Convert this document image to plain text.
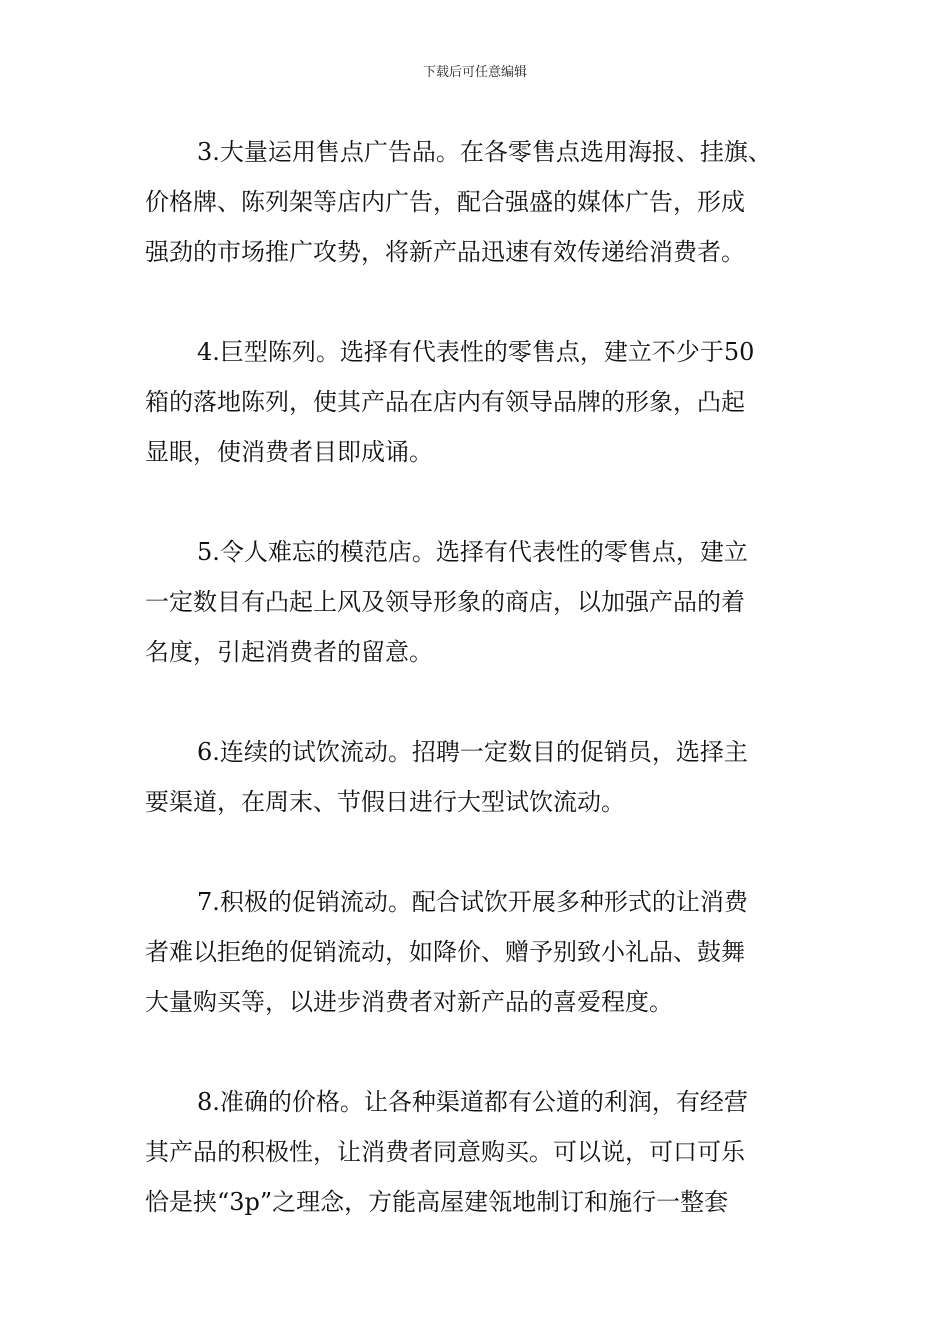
下载后可任意编辑

3.大量运用售点广告品。在各零售点选用海报、挂旗、
价格牌、陈列架等店内广告，配合强盛的媒体广告，形成
强劲的市场推广攻势，将新产品迅速有效传递给消费者。

4.巨型陈列。选择有代表性的零售点，建立不少于50
箱的落地陈列，使其产品在店内有领导品牌的形象，凸起
显眼，使消费者目即成诵。

5.令人难忘的模范店。选择有代表性的零售点，建立
一定数目有凸起上风及领导形象的商店，以加强产品的着
名度，引起消费者的留意。

6.连续的试饮流动。招聘一定数目的促销员，选择主
要渠道，在周末、节假日进行大型试饮流动。

7.积极的促销流动。配合试饮开展多种形式的让消费
者难以拒绝的促销流动，如降价、赠予别致小礼品、鼓舞
大量购买等，以进步消费者对新产品的喜爱程度。

8.准确的价格。让各种渠道都有公道的利润，有经营
其产品的积极性，让消费者同意购买。可以说，可口可乐
恰是挟“3p”之理念，方能高屋建瓴地制订和施行一整套
